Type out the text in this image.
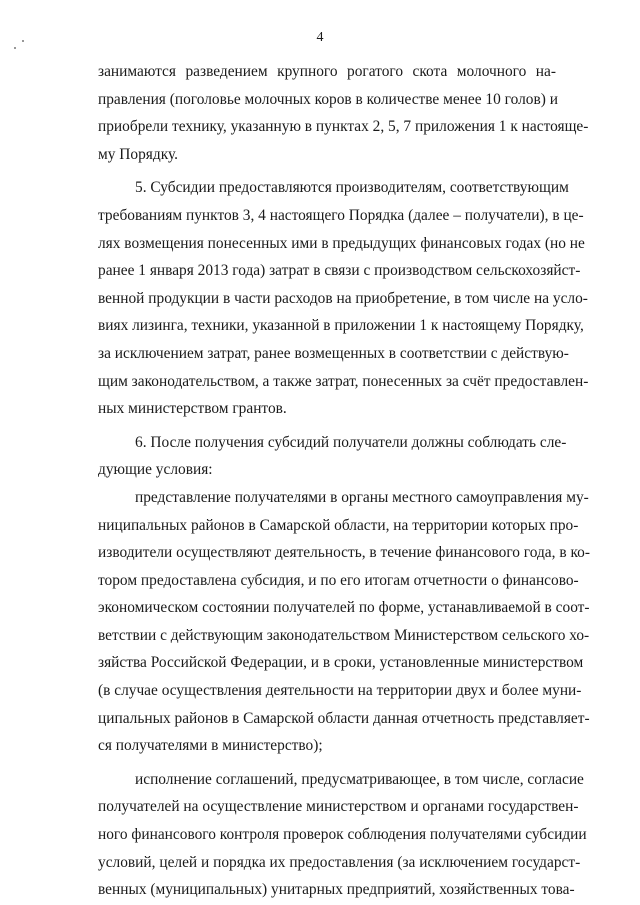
4
занимаются разведением крупного рогатого скота молочного на-
правления (поголовье молочных коров в количестве менее 10 голов) и
приобрели технику, указанную в пунктах 2, 5, 7 приложения 1 к настояще-
му Порядку.
5. Субсидии предоставляются производителям, соответствующим
требованиям пунктов 3, 4 настоящего Порядка (далее – получатели), в це-
лях возмещения понесенных ими в предыдущих финансовых годах (но не
ранее 1 января 2013 года) затрат в связи с производством сельскохозяйст-
венной продукции в части расходов на приобретение, в том числе на усло-
виях лизинга, техники, указанной в приложении 1 к настоящему Порядку,
за исключением затрат, ранее возмещенных в соответствии с действую-
щим законодательством, а также затрат, понесенных за счёт предоставлен-
ных министерством грантов.
6. После получения субсидий получатели должны соблюдать сле-
дующие условия:
представление получателями в органы местного самоуправления му-
ниципальных районов в Самарской области, на территории которых про-
изводители осуществляют деятельность, в течение финансового года, в ко-
тором предоставлена субсидия, и по его итогам отчетности о финансово-
экономическом состоянии получателей по форме, устанавливаемой в соот-
ветствии с действующим законодательством Министерством сельского хо-
зяйства Российской Федерации, и в сроки, установленные министерством
(в случае осуществления деятельности на территории двух и более муни-
ципальных районов в Самарской области данная отчетность представляет-
ся получателями в министерство);
исполнение соглашений, предусматривающее, в том числе, согласие
получателей на осуществление министерством и органами государствен-
ного финансового контроля проверок соблюдения получателями субсидии
условий, целей и порядка их предоставления (за исключением государст-
венных (муниципальных) унитарных предприятий, хозяйственных това-
